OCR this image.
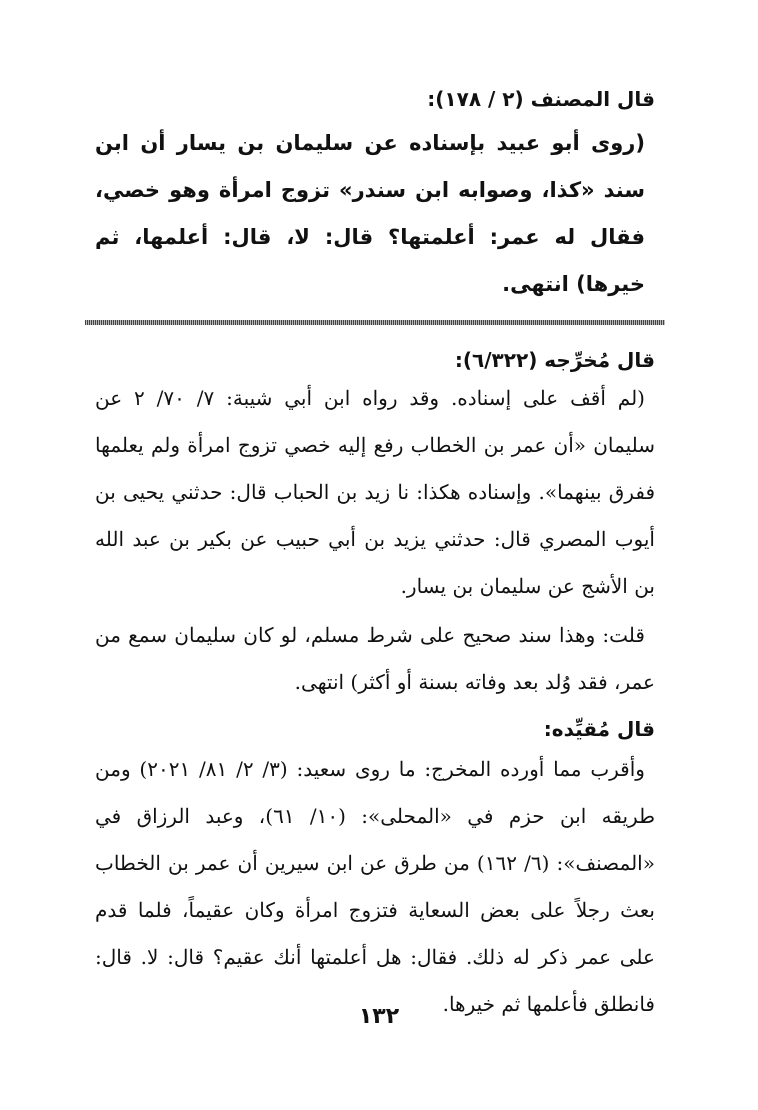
قال المصنف (٢ / ١٧٨):

(روى أبو عبيد بإسناده عن سليمان بن يسار أن ابن سند «كذا، وصوابه ابن سندر» تزوج امرأة وهو خصي، فقال له عمر: أعلمتها؟ قال: لا، قال: أعلمها، ثم خيرها) انتهى.

قال مُخرِّجه (٦/٣٢٢):

(لم أقف على إسناده. وقد رواه ابن أبي شيبة: ٧/ ٧٠/ ٢ عن سليمان «أن عمر بن الخطاب رفع إليه خصي تزوج امرأة ولم يعلمها ففرق بينهما». وإسناده هكذا: نا زيد بن الحباب قال: حدثني يحيى بن أيوب المصري قال: حدثني يزيد بن أبي حبيب عن بكير بن عبد الله بن الأشج عن سليمان بن يسار.

قلت: وهذا سند صحيح على شرط مسلم، لو كان سليمان سمع من عمر، فقد وُلد بعد وفاته بسنة أو أكثر) انتهى.

قال مُقيِّده:

وأقرب مما أورده المخرج: ما روى سعيد: (٣/ ٢/ ٨١/ ٢٠٢١) ومن طريقه ابن حزم في «المحلى»: (١٠/ ٦١)، وعبد الرزاق في «المصنف»: (٦/ ١٦٢) من طرق عن ابن سيرين أن عمر بن الخطاب بعث رجلاً على بعض السعاية فتزوج امرأة وكان عقيماً، فلما قدم على عمر ذكر له ذلك. فقال: هل أعلمتها أنك عقيم؟ قال: لا. قال: فانطلق فأعلمها ثم خيرها.

١٣٢
